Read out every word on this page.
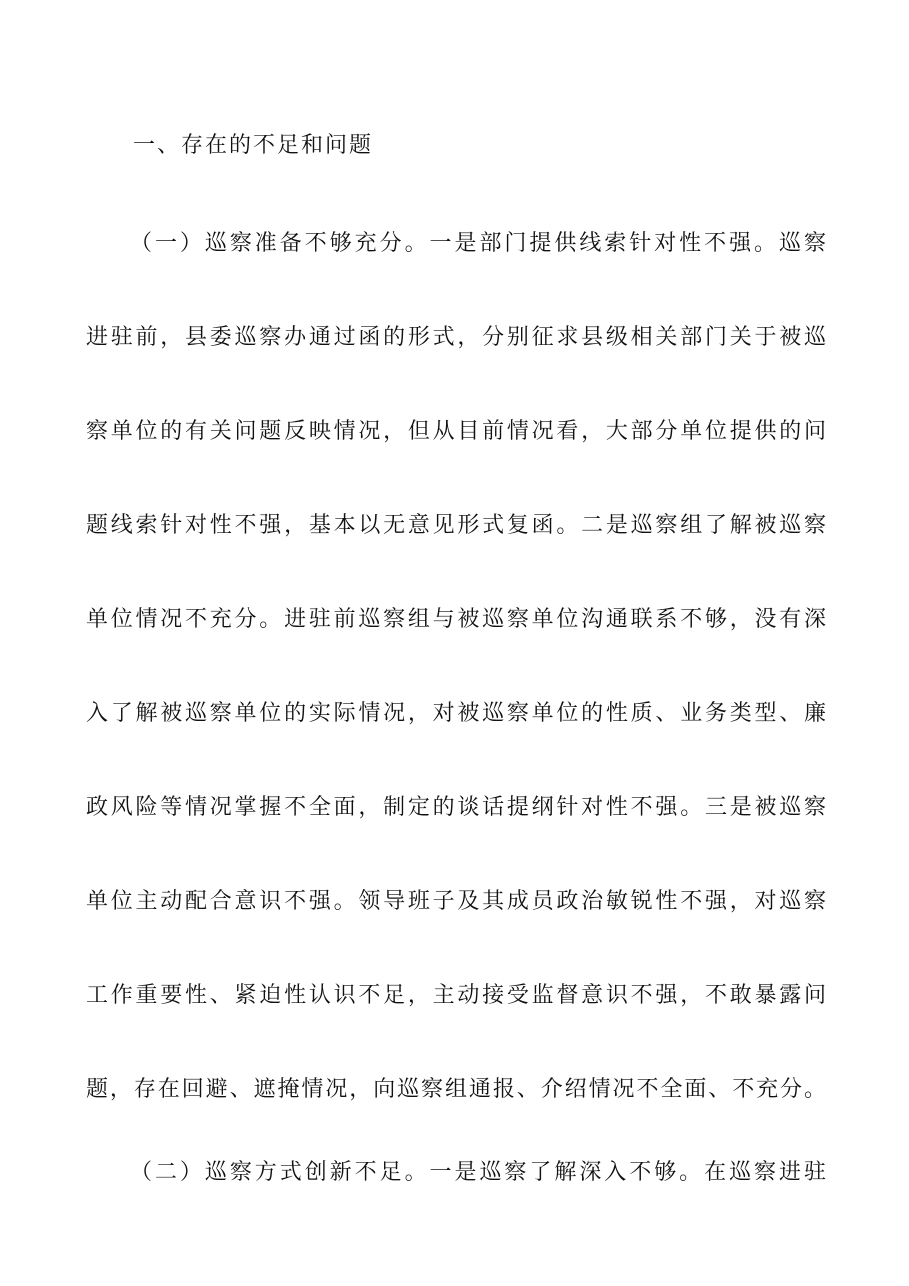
一、存在的不足和问题
（一）巡察准备不够充分。一是部门提供线索针对性不强。巡察
进驻前，县委巡察办通过函的形式，分别征求县级相关部门关于被巡
察单位的有关问题反映情况，但从目前情况看，大部分单位提供的问
题线索针对性不强，基本以无意见形式复函。二是巡察组了解被巡察
单位情况不充分。进驻前巡察组与被巡察单位沟通联系不够，没有深
入了解被巡察单位的实际情况，对被巡察单位的性质、业务类型、廉
政风险等情况掌握不全面，制定的谈话提纲针对性不强。三是被巡察
单位主动配合意识不强。领导班子及其成员政治敏锐性不强，对巡察
工作重要性、紧迫性认识不足，主动接受监督意识不强，不敢暴露问
题，存在回避、遮掩情况，向巡察组通报、介绍情况不全面、不充分。
（二）巡察方式创新不足。一是巡察了解深入不够。在巡察进驻
